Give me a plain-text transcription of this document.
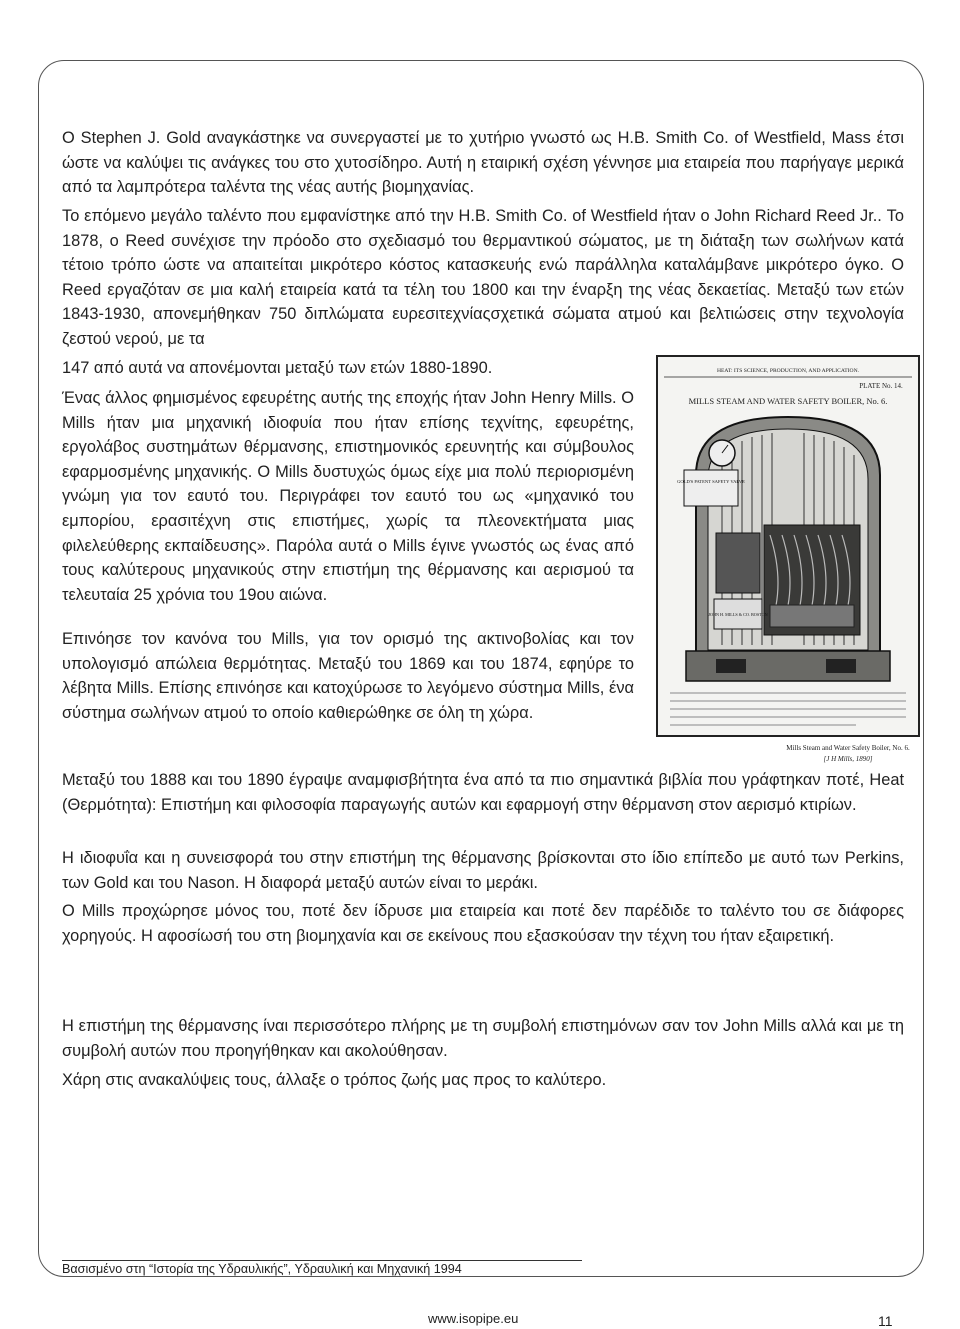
Ο Stephen J. Gold αναγκάστηκε να συνεργαστεί με το χυτήριο γνωστό ως H.B. Smith Co. of Westfield, Mass έτσι ώστε να καλύψει τις ανάγκες του στο χυτοσίδηρο. Αυτή η εταιρική σχέση γέννησε μια εταιρεία που παρήγαγε μερικά από τα λαμπρότερα ταλέντα της νέας αυτής βιομηχανίας.

Το επόμενο μεγάλο ταλέντο που εμφανίστηκε από την H.B. Smith Co. of Westfield ήταν ο John Richard Reed Jr.. Το 1878, ο Reed συνέχισε την πρόοδο στο σχεδιασμό του θερμαντικού σώματος, με τη διάταξη των σωλήνων κατά τέτοιο τρόπο ώστε να απαιτείται μικρότερο κόστος κατασκευής ενώ παράλληλα καταλάμβανε μικρότερο όγκο. Ο Reed εργαζόταν σε μια καλή εταιρεία κατά τα τέλη του 1800 και την έναρξη της νέας δεκαετίας. Μεταξύ των ετών 1843-1930, απονεμήθηκαν 750 διπλώματα ευρεσιτεχνίαςσχετικά σώματα ατμού και βελτιώσεις στην τεχνολογία ζεστού νερού, με τα

147 από αυτά να απονέμονται μεταξύ των ετών 1880-1890.

Ένας άλλος φημισμένος εφευρέτης αυτής της εποχής ήταν John Henry Mills. Ο Mills ήταν μια μηχανική ιδιοφυία που ήταν επίσης τεχνίτης, εφευρέτης, εργολάβος συστημάτων θέρμανσης, επιστημονικός ερευνητής και σύμβουλος εφαρμοσμένης μηχανικής. Ο Mills δυστυχώς όμως είχε μια πολύ περιορισμένη γνώμη για τον εαυτό του. Περιγράφει τον εαυτό του ως «μηχανικό του εμπορίου, ερασιτέχνη στις επιστήμες, χωρίς τα πλεονεκτήματα μιας φιλελεύθερης εκπαίδευσης». Παρόλα αυτά ο Mills έγινε γνωστός ως ένας από τους καλύτερους μηχανικούς στην επιστήμη της θέρμανσης και αερισμού τα τελευταία 25 χρόνια του 19ου αιώνα.

Επινόησε τον κανόνα του Mills, για τον ορισμό της ακτινοβολίας και τον υπολογισμό απώλεια θερμότητας. Μεταξύ του 1869 και του 1874, εφηύρε το λέβητα Mills. Επίσης επινόησε και κατοχύρωσε το λεγόμενο σύστημα Mills, ένα σύστημα σωλήνων ατμού το οποίο καθιερώθηκε σε όλη τη χώρα.

Μεταξύ του 1888 και του 1890 έγραψε αναμφισβήτητα ένα από τα πιο σημαντικά βιβλία που γράφτηκαν ποτέ, Heat (Θερμότητα): Επιστήμη και φιλοσοφία παραγωγής αυτών και εφαρμογή στην θέρμανση στον αερισμό κτιρίων.

Η ιδιοφυΐα και η συνεισφορά του στην επιστήμη της θέρμανσης βρίσκονται στο ίδιο επίπεδο με αυτό των Perkins, των Gold και του Nason. Η διαφορά μεταξύ αυτών είναι το μεράκι.

Ο Mills προχώρησε μόνος του, ποτέ δεν ίδρυσε μια εταιρεία και ποτέ δεν παρέδιδε το ταλέντο του σε διάφορες χορηγούς. Η αφοσίωσή του στη βιομηχανία και σε εκείνους που εξασκούσαν την τέχνη του ήταν εξαιρετική.

Η επιστήμη της θέρμανσης ίναι περισσότερο πλήρης με τη συμβολή επιστημόνων σαν τον John Mills αλλά και με τη συμβολή αυτών που προηγήθηκαν και ακολούθησαν.

Χάρη στις ανακαλύψεις τους, άλλαξε ο τρόπος ζωής μας προς το καλύτερο.

HEAT: ITS SCIENCE, PRODUCTION, AND APPLICATION.
PLATE No. 14.
MILLS STEAM AND WATER SAFETY BOILER, No. 6.
GOLD'S PATENT SAFETY VALVE
JOHN H. MILLS & CO. BOSTON
Mills Steam and Water Safety Boiler, No. 6.
[J H Mills, 1890]

Βασισμένο στη “Ιστορία της Υδραυλικής”, Υδραυλική και Μηχανική 1994

www.isopipe.eu	11
